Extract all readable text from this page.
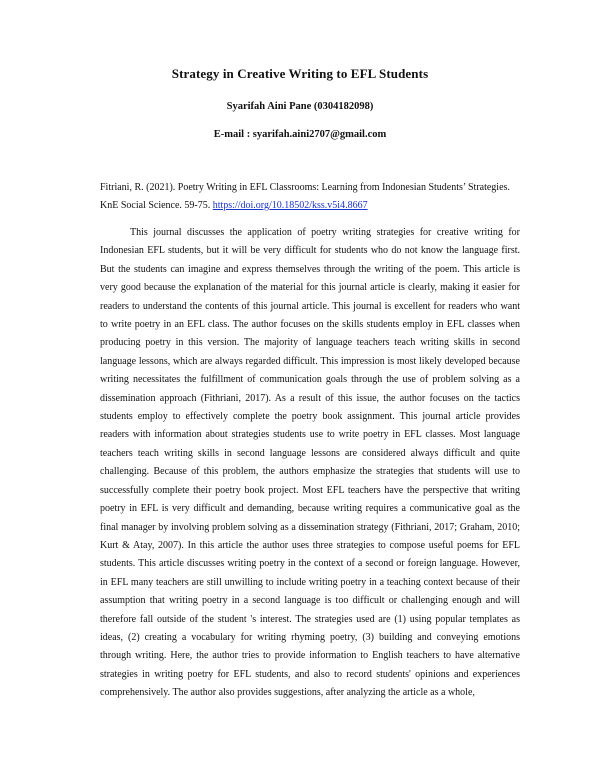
Strategy in Creative Writing to EFL Students
Syarifah Aini Pane (0304182098)
E-mail : syarifah.aini2707@gmail.com
Fitriani, R. (2021). Poetry Writing in EFL Classrooms: Learning from Indonesian Students’ Strategies. KnE Social Science. 59-75. https://doi.org/10.18502/kss.v5i4.8667

This journal discusses the application of poetry writing strategies for creative writing for Indonesian EFL students, but it will be very difficult for students who do not know the language first. But the students can imagine and express themselves through the writing of the poem. This article is very good because the explanation of the material for this journal article is clearly, making it easier for readers to understand the contents of this journal article. This journal is excellent for readers who want to write poetry in an EFL class. The author focuses on the skills students employ in EFL classes when producing poetry in this version. The majority of language teachers teach writing skills in second language lessons, which are always regarded difficult. This impression is most likely developed because writing necessitates the fulfillment of communication goals through the use of problem solving as a dissemination approach (Fithriani, 2017). As a result of this issue, the author focuses on the tactics students employ to effectively complete the poetry book assignment. This journal article provides readers with information about strategies students use to write poetry in EFL classes. Most language teachers teach writing skills in second language lessons are considered always difficult and quite challenging. Because of this problem, the authors emphasize the strategies that students will use to successfully complete their poetry book project. Most EFL teachers have the perspective that writing poetry in EFL is very difficult and demanding, because writing requires a communicative goal as the final manager by involving problem solving as a dissemination strategy (Fithriani, 2017; Graham, 2010; Kurt & Atay, 2007). In this article the author uses three strategies to compose useful poems for EFL students. This article discusses writing poetry in the context of a second or foreign language. However, in EFL many teachers are still unwilling to include writing poetry in a teaching context because of their assumption that writing poetry in a second language is too difficult or challenging enough and will therefore fall outside of the student 's interest. The strategies used are (1) using popular templates as ideas, (2) creating a vocabulary for writing rhyming poetry, (3) building and conveying emotions through writing. Here, the author tries to provide information to English teachers to have alternative strategies in writing poetry for EFL students, and also to record students' opinions and experiences comprehensively. The author also provides suggestions, after analyzing the article as a whole,
